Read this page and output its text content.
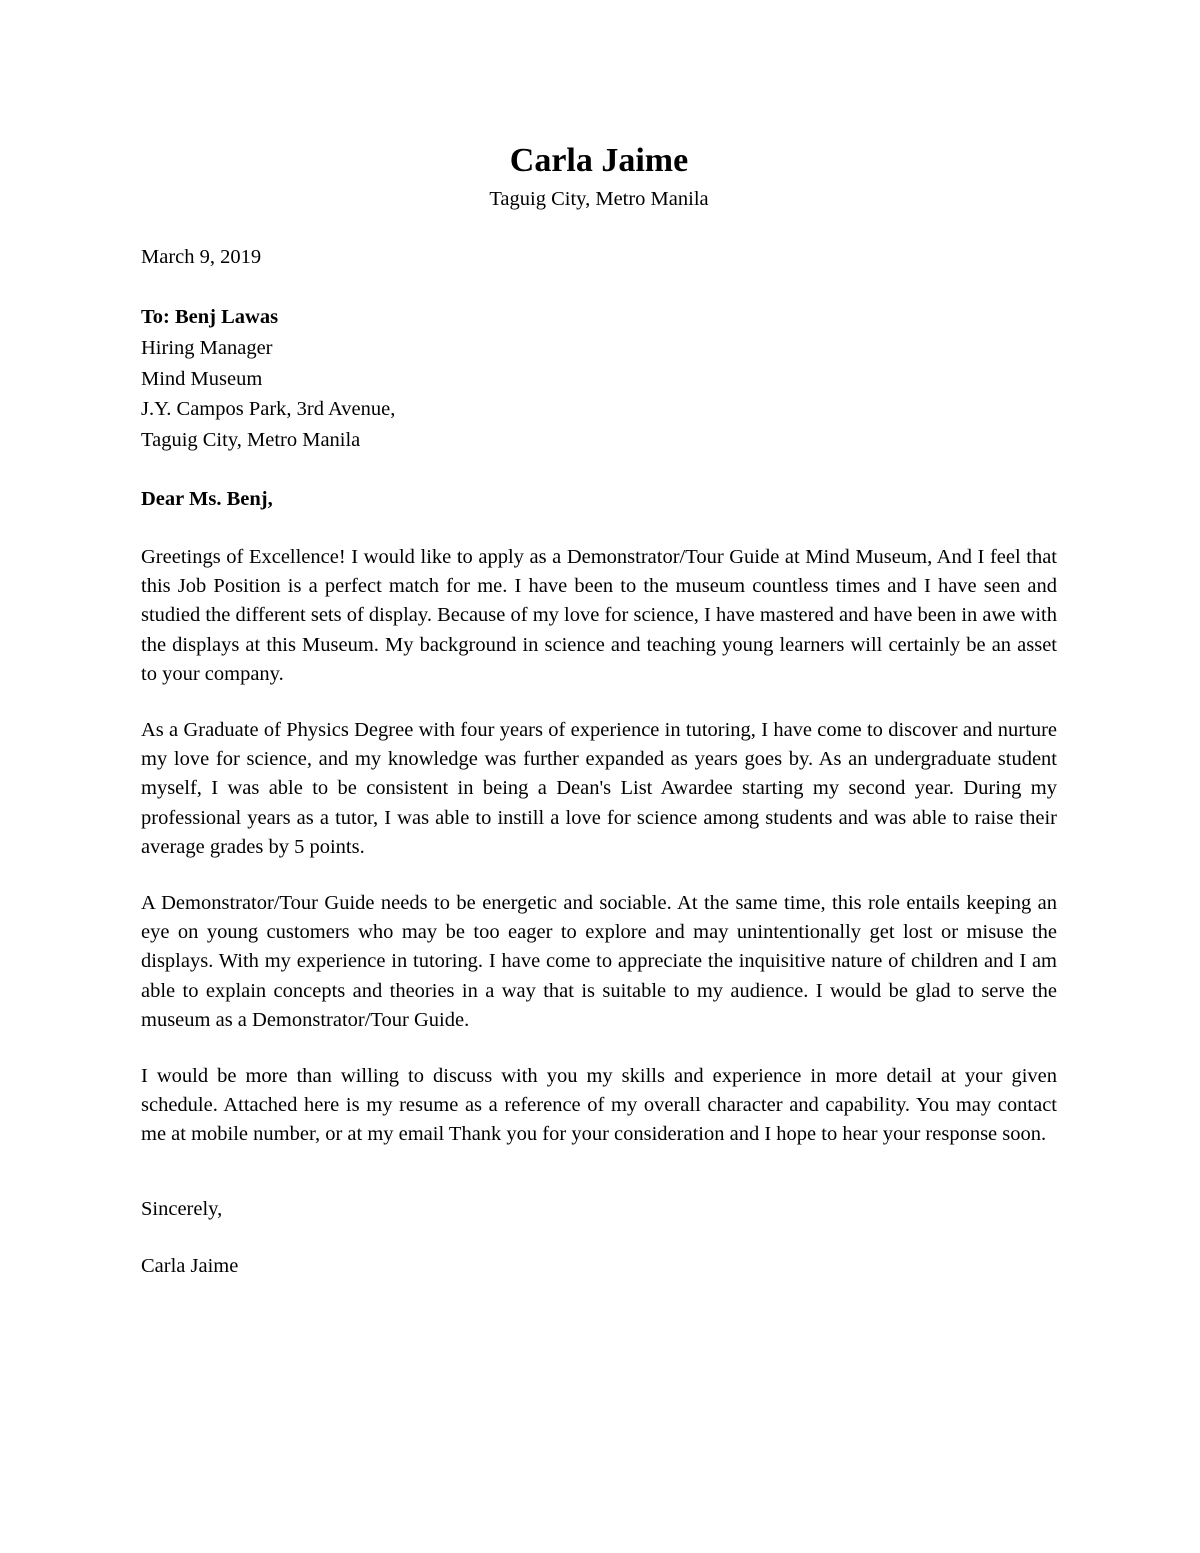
Carla Jaime
Taguig City, Metro Manila
March 9, 2019
To: Benj Lawas
Hiring Manager
Mind Museum
J.Y. Campos Park, 3rd Avenue,
Taguig City, Metro Manila
Dear Ms. Benj,

Greetings of Excellence! I would like to apply as a Demonstrator/Tour Guide at Mind Museum, And I feel that this Job Position is a perfect match for me. I have been to the museum countless times and I have seen and studied the different sets of display. Because of my love for science, I have mastered and have been in awe with the displays at this Museum. My background in science and teaching young learners will certainly be an asset to your company.

As a Graduate of Physics Degree with four years of experience in tutoring, I have come to discover and nurture my love for science, and my knowledge was further expanded as years goes by. As an undergraduate student myself, I was able to be consistent in being a Dean's List Awardee starting my second year. During my professional years as a tutor, I was able to instill a love for science among students and was able to raise their average grades by 5 points.

A Demonstrator/Tour Guide needs to be energetic and sociable. At the same time, this role entails keeping an eye on young customers who may be too eager to explore and may unintentionally get lost or misuse the displays. With my experience in tutoring. I have come to appreciate the inquisitive nature of children and I am able to explain concepts and theories in a way that is suitable to my audience. I would be glad to serve the museum as a Demonstrator/Tour Guide.

I would be more than willing to discuss with you my skills and experience in more detail at your given schedule. Attached here is my resume as a reference of my overall character and capability. You may contact me at mobile number, or at my email Thank you for your consideration and I hope to hear your response soon.

Sincerely,
Carla Jaime
